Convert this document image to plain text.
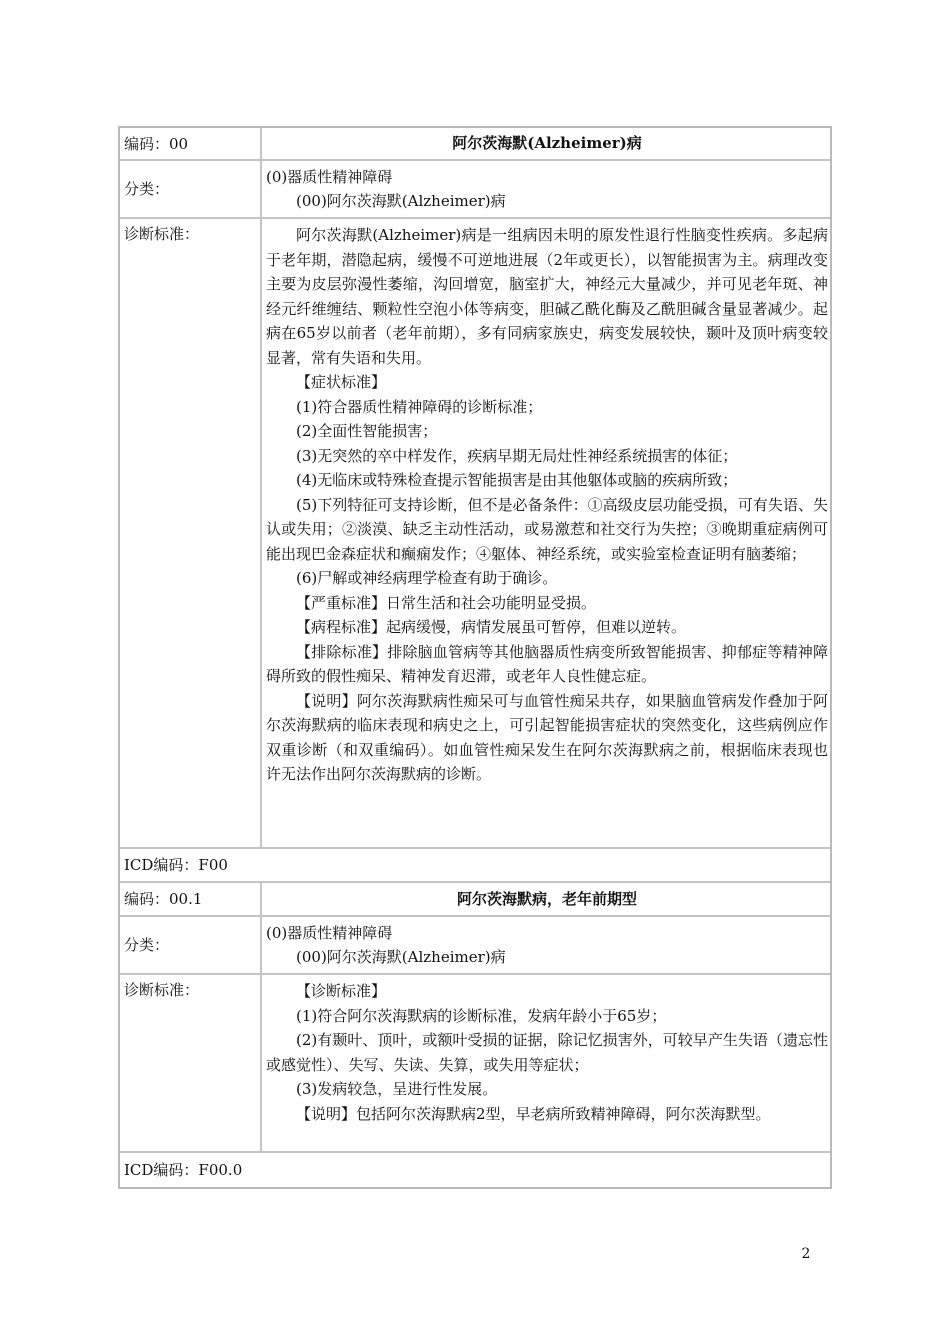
编码：00	阿尔茨海默(Alzheimer)病
分类：

(0)器质性精神障碍

(00)阿尔茨海默(Alzheimer)病

诊断标准：	阿尔茨海默(Alzheimer)病是一组病因未明的原发性退行性脑变性疾病。多起病于老年期，潜隐起病，缓慢不可逆地进展（2年或更长），以智能损害为主。病理改变主要为皮层弥漫性萎缩，沟回增宽，脑室扩大，神经元大量减少，并可见老年斑、神经元纤维缠结、颗粒性空泡小体等病变，胆碱乙酰化酶及乙酰胆碱含量显著减少。起病在65岁以前者（老年前期），多有同病家族史，病变发展较快，颞叶及顶叶病变较显著，常有失语和失用。

【症状标准】

(1)符合器质性精神障碍的诊断标准；

(2)全面性智能损害；

(3)无突然的卒中样发作，疾病早期无局灶性神经系统损害的体征；

(4)无临床或特殊检查提示智能损害是由其他躯体或脑的疾病所致；

(5)下列特征可支持诊断，但不是必备条件：①高级皮层功能受损，可有失语、失认或失用；②淡漠、缺乏主动性活动，或易激惹和社交行为失控；③晚期重症病例可能出现巴金森症状和癫痫发作；④躯体、神经系统，或实验室检查证明有脑萎缩；

(6)尸解或神经病理学检查有助于确诊。

【严重标准】日常生活和社会功能明显受损。

【病程标准】起病缓慢，病情发展虽可暂停，但难以逆转。

【排除标准】排除脑血管病等其他脑器质性病变所致智能损害、抑郁症等精神障碍所致的假性痴呆、精神发育迟滞，或老年人良性健忘症。

【说明】阿尔茨海默病性痴呆可与血管性痴呆共存，如果脑血管病发作叠加于阿尔茨海默病的临床表现和病史之上，可引起智能损害症状的突然变化，这些病例应作双重诊断（和双重编码）。如血管性痴呆发生在阿尔茨海默病之前，根据临床表现也许无法作出阿尔茨海默病的诊断。

ICD编码：F00
编码：00.1	阿尔茨海默病，老年前期型
分类：

(0)器质性精神障碍

(00)阿尔茨海默(Alzheimer)病

诊断标准：	【诊断标准】

(1)符合阿尔茨海默病的诊断标准，发病年龄小于65岁；

(2)有颞叶、顶叶，或额叶受损的证据，除记忆损害外，可较早产生失语（遗忘性或感觉性）、失写、失读、失算，或失用等症状；

(3)发病较急，呈进行性发展。

【说明】包括阿尔茨海默病2型，早老病所致精神障碍，阿尔茨海默型。

ICD编码：F00.0
2
